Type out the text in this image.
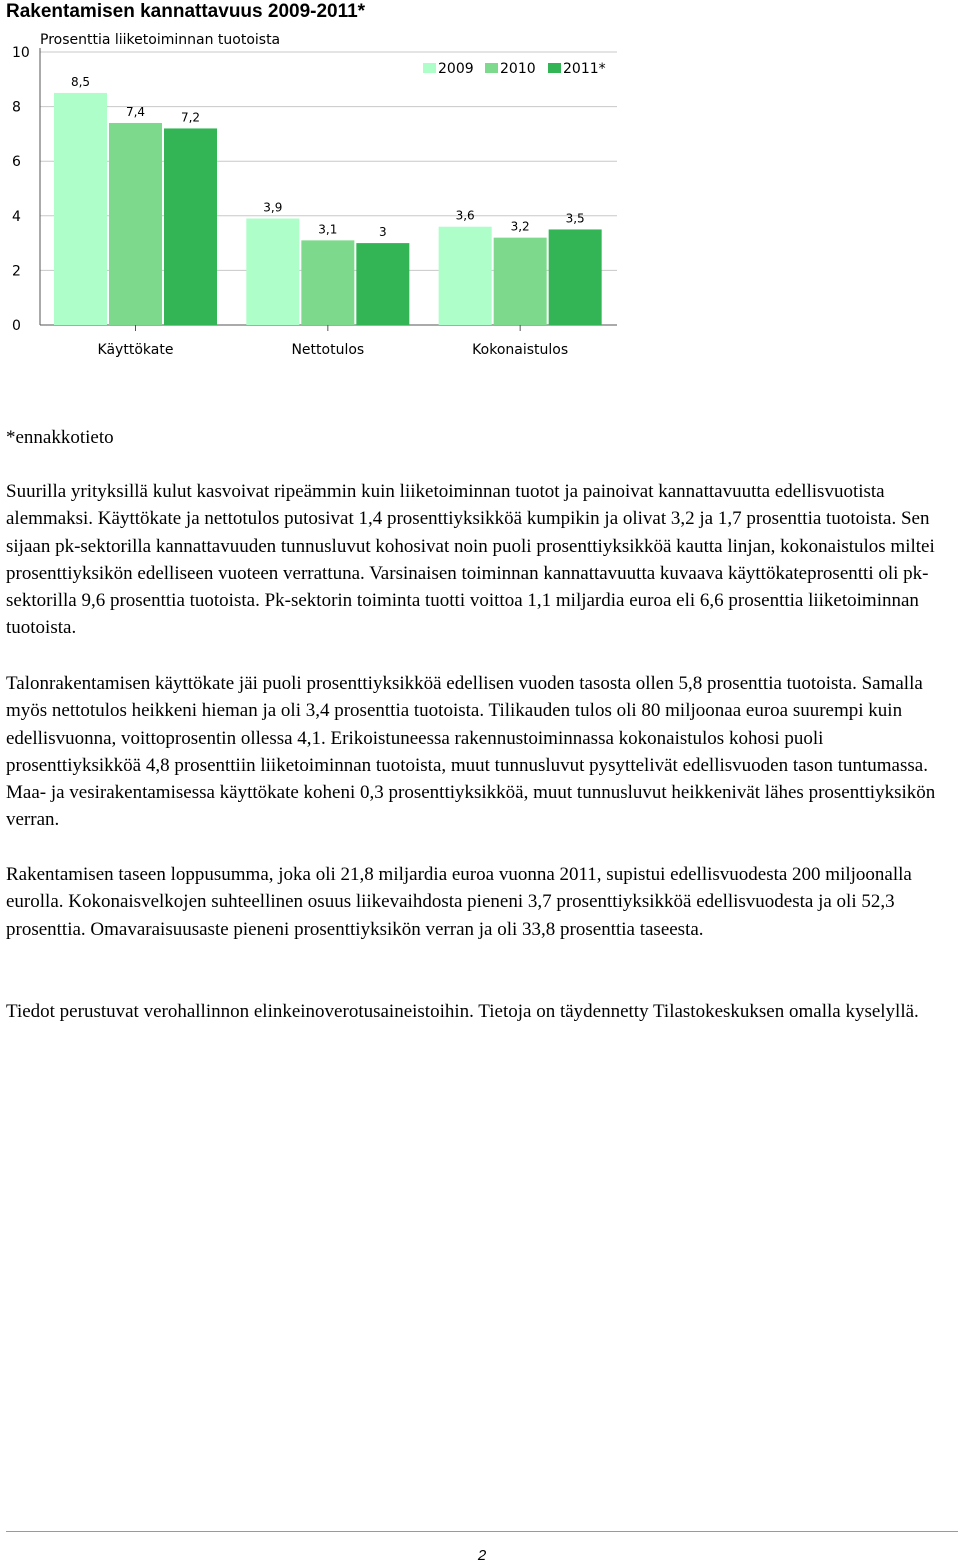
Rakentamisen kannattavuus 2009-2011*
Prosenttia liiketoiminnan tuotoista
0
2
4
6
8
10
8,5
7,4	7,2
Käyttökate
3,9
3,1	3
Nettotulos
3,6
3,2
3,5
Kokonaistulos
2009 2010 2011*

*ennakkotieto

Suurilla yrityksillä kulut kasvoivat ripeämmin kuin liiketoiminnan tuotot ja painoivat kannattavuutta edellisvuotista alemmaksi. Käyttökate ja nettotulos putosivat 1,4 prosenttiyksikköä kumpikin ja olivat 3,2 ja 1,7 prosenttia tuotoista. Sen sijaan pk-sektorilla kannattavuuden tunnusluvut kohosivat noin puoli prosenttiyksikköä kautta linjan, kokonaistulos miltei prosenttiyksikön edelliseen vuoteen verrattuna. Varsinaisen toiminnan kannattavuutta kuvaava käyttökateprosentti oli pk-sektorilla 9,6 prosenttia tuotoista. Pk-sektorin toiminta tuotti voittoa 1,1 miljardia euroa eli 6,6 prosenttia liiketoiminnan tuotoista.

Talonrakentamisen käyttökate jäi puoli prosenttiyksikköä edellisen vuoden tasosta ollen 5,8 prosenttia tuotoista. Samalla myös nettotulos heikkeni hieman ja oli 3,4 prosenttia tuotoista. Tilikauden tulos oli 80 miljoonaa euroa suurempi kuin edellisvuonna, voittoprosentin ollessa 4,1. Erikoistuneessa rakennustoiminnassa kokonaistulos kohosi puoli prosenttiyksikköä 4,8 prosenttiin liiketoiminnan tuotoista, muut tunnusluvut pysyttelivät edellisvuoden tason tuntumassa. Maa- ja vesirakentamisessa käyttökate koheni 0,3 prosenttiyksikköä, muut tunnusluvut heikkenivät lähes prosenttiyksikön verran.

Rakentamisen taseen loppusumma, joka oli 21,8 miljardia euroa vuonna 2011, supistui edellisvuodesta 200 miljoonalla eurolla. Kokonaisvelkojen suhteellinen osuus liikevaihdosta pieneni 3,7 prosenttiyksikköä edellisvuodesta ja oli 52,3 prosenttia. Omavaraisuusaste pieneni prosenttiyksikön verran ja oli 33,8 prosenttia taseesta.

Tiedot perustuvat verohallinnon elinkeinoverotusaineistoihin. Tietoja on täydennetty Tilastokeskuksen omalla kyselyllä.

2
